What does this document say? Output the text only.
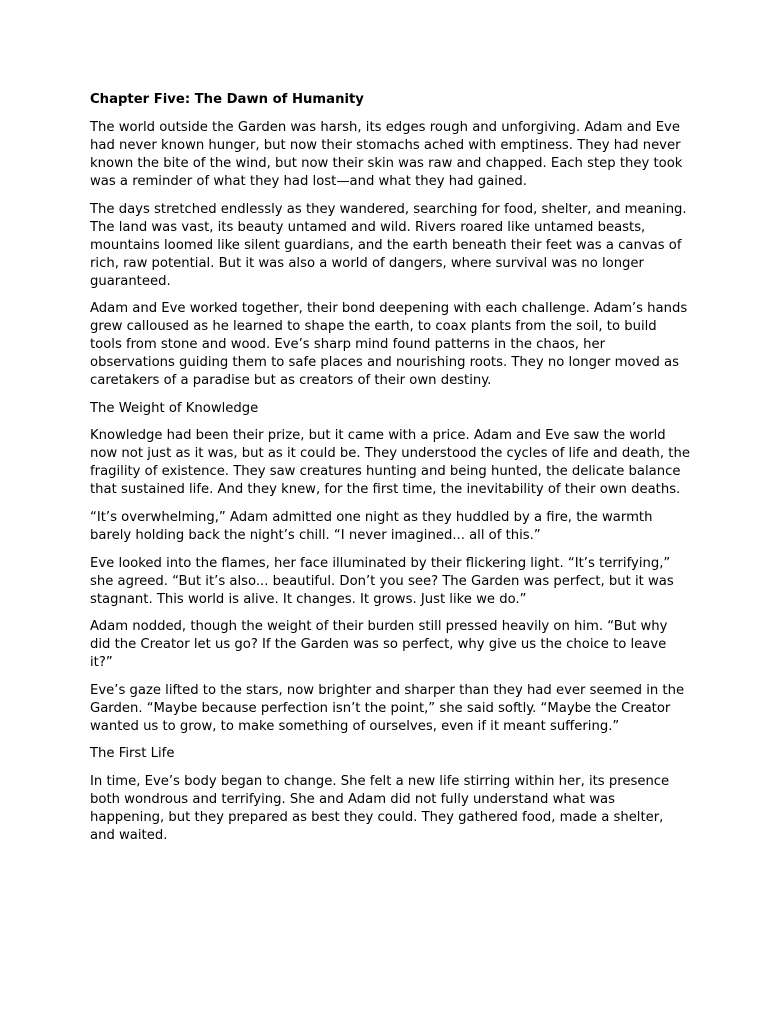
Chapter Five: The Dawn of Humanity

The world outside the Garden was harsh, its edges rough and unforgiving. Adam and Eve had never known hunger, but now their stomachs ached with emptiness. They had never known the bite of the wind, but now their skin was raw and chapped. Each step they took was a reminder of what they had lost—and what they had gained.

The days stretched endlessly as they wandered, searching for food, shelter, and meaning. The land was vast, its beauty untamed and wild. Rivers roared like untamed beasts, mountains loomed like silent guardians, and the earth beneath their feet was a canvas of rich, raw potential. But it was also a world of dangers, where survival was no longer guaranteed.

Adam and Eve worked together, their bond deepening with each challenge. Adam’s hands grew calloused as he learned to shape the earth, to coax plants from the soil, to build tools from stone and wood. Eve’s sharp mind found patterns in the chaos, her observations guiding them to safe places and nourishing roots. They no longer moved as caretakers of a paradise but as creators of their own destiny.

The Weight of Knowledge

Knowledge had been their prize, but it came with a price. Adam and Eve saw the world now not just as it was, but as it could be. They understood the cycles of life and death, the fragility of existence. They saw creatures hunting and being hunted, the delicate balance that sustained life. And they knew, for the first time, the inevitability of their own deaths.

“It’s overwhelming,” Adam admitted one night as they huddled by a fire, the warmth barely holding back the night’s chill. “I never imagined... all of this.”

Eve looked into the flames, her face illuminated by their flickering light. “It’s terrifying,” she agreed. “But it’s also... beautiful. Don’t you see? The Garden was perfect, but it was stagnant. This world is alive. It changes. It grows. Just like we do.”

Adam nodded, though the weight of their burden still pressed heavily on him. “But why did the Creator let us go? If the Garden was so perfect, why give us the choice to leave it?”

Eve’s gaze lifted to the stars, now brighter and sharper than they had ever seemed in the Garden. “Maybe because perfection isn’t the point,” she said softly. “Maybe the Creator wanted us to grow, to make something of ourselves, even if it meant suffering.”

The First Life

In time, Eve’s body began to change. She felt a new life stirring within her, its presence both wondrous and terrifying. She and Adam did not fully understand what was happening, but they prepared as best they could. They gathered food, made a shelter, and waited.
